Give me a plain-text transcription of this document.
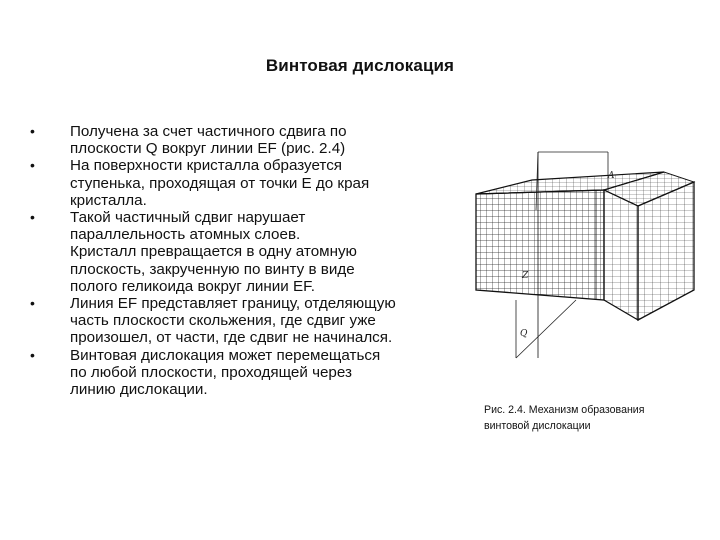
Винтовая дислокация
•	Получена за счет частичного сдвига по
плоскости Q вокруг линии EF (рис. 2.4)
•	На поверхности кристалла образуется
ступенька, проходящая от точки E до края
кристалла.
•	Такой частичный сдвиг нарушает
параллельность атомных слоев.
Кристалл превращается в одну атомную
плоскость, закрученную по винту в виде
полого геликоида вокруг линии EF.
•	Линия EF представляет границу, отделяющую
часть плоскости скольжения, где сдвиг уже
произошел, от части, где сдвиг не начинался.
•	Винтовая дислокация может перемещаться
по любой плоскости, проходящей через
линию дислокации.
A
Z
Q
Рис. 2.4. Механизм образования
винтовой дислокации
